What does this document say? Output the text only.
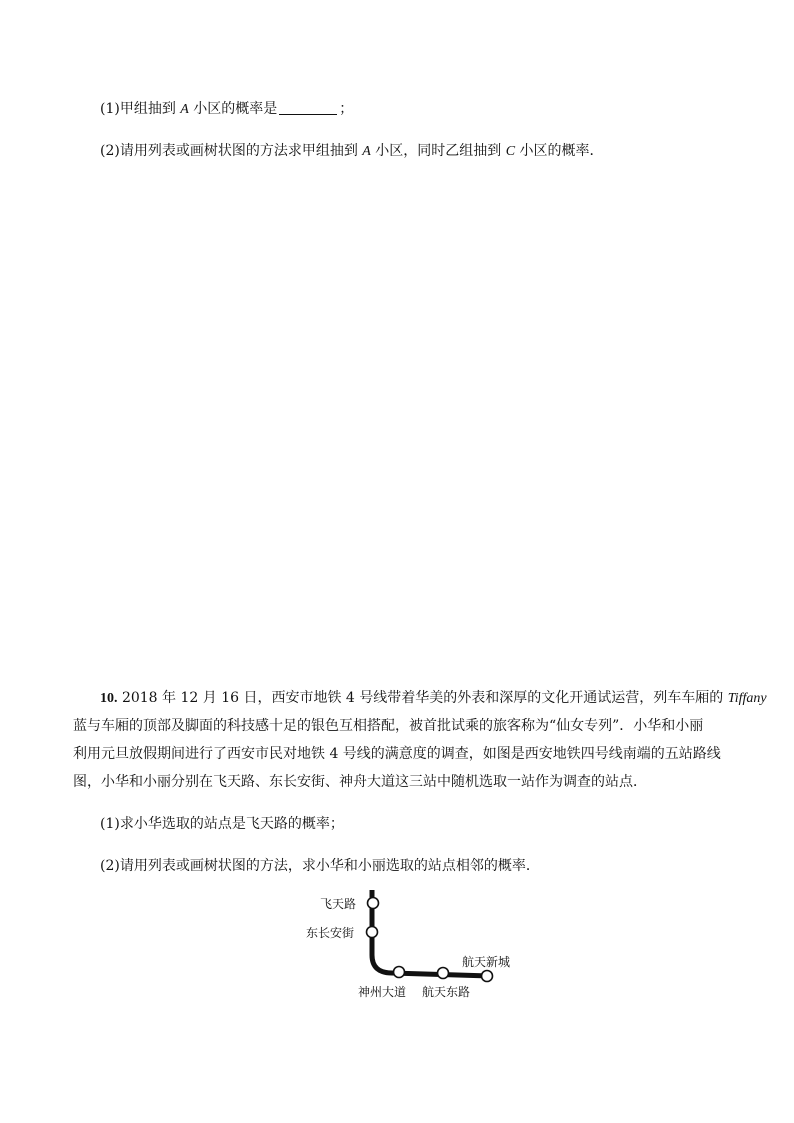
(1)甲组抽到 A 小区的概率是	；
(2)请用列表或画树状图的方法求甲组抽到 A 小区，同时乙组抽到 C 小区的概率．
10. 2018 年 12 月 16 日，西安市地铁 4 号线带着华美的外表和深厚的文化开通试运营，列车车厢的 Tiffany
蓝与车厢的顶部及脚面的科技感十足的银色互相搭配，被首批试乘的旅客称为“仙女专列”．小华和小丽
利用元旦放假期间进行了西安市民对地铁 4 号线的满意度的调查，如图是西安地铁四号线南端的五站路线
图，小华和小丽分别在飞天路、东长安街、神舟大道这三站中随机选取一站作为调查的站点．
(1)求小华选取的站点是飞天路的概率；
(2)请用列表或画树状图的方法，求小华和小丽选取的站点相邻的概率．
飞天路
东长安街
神州大道 航天东路
航天新城
